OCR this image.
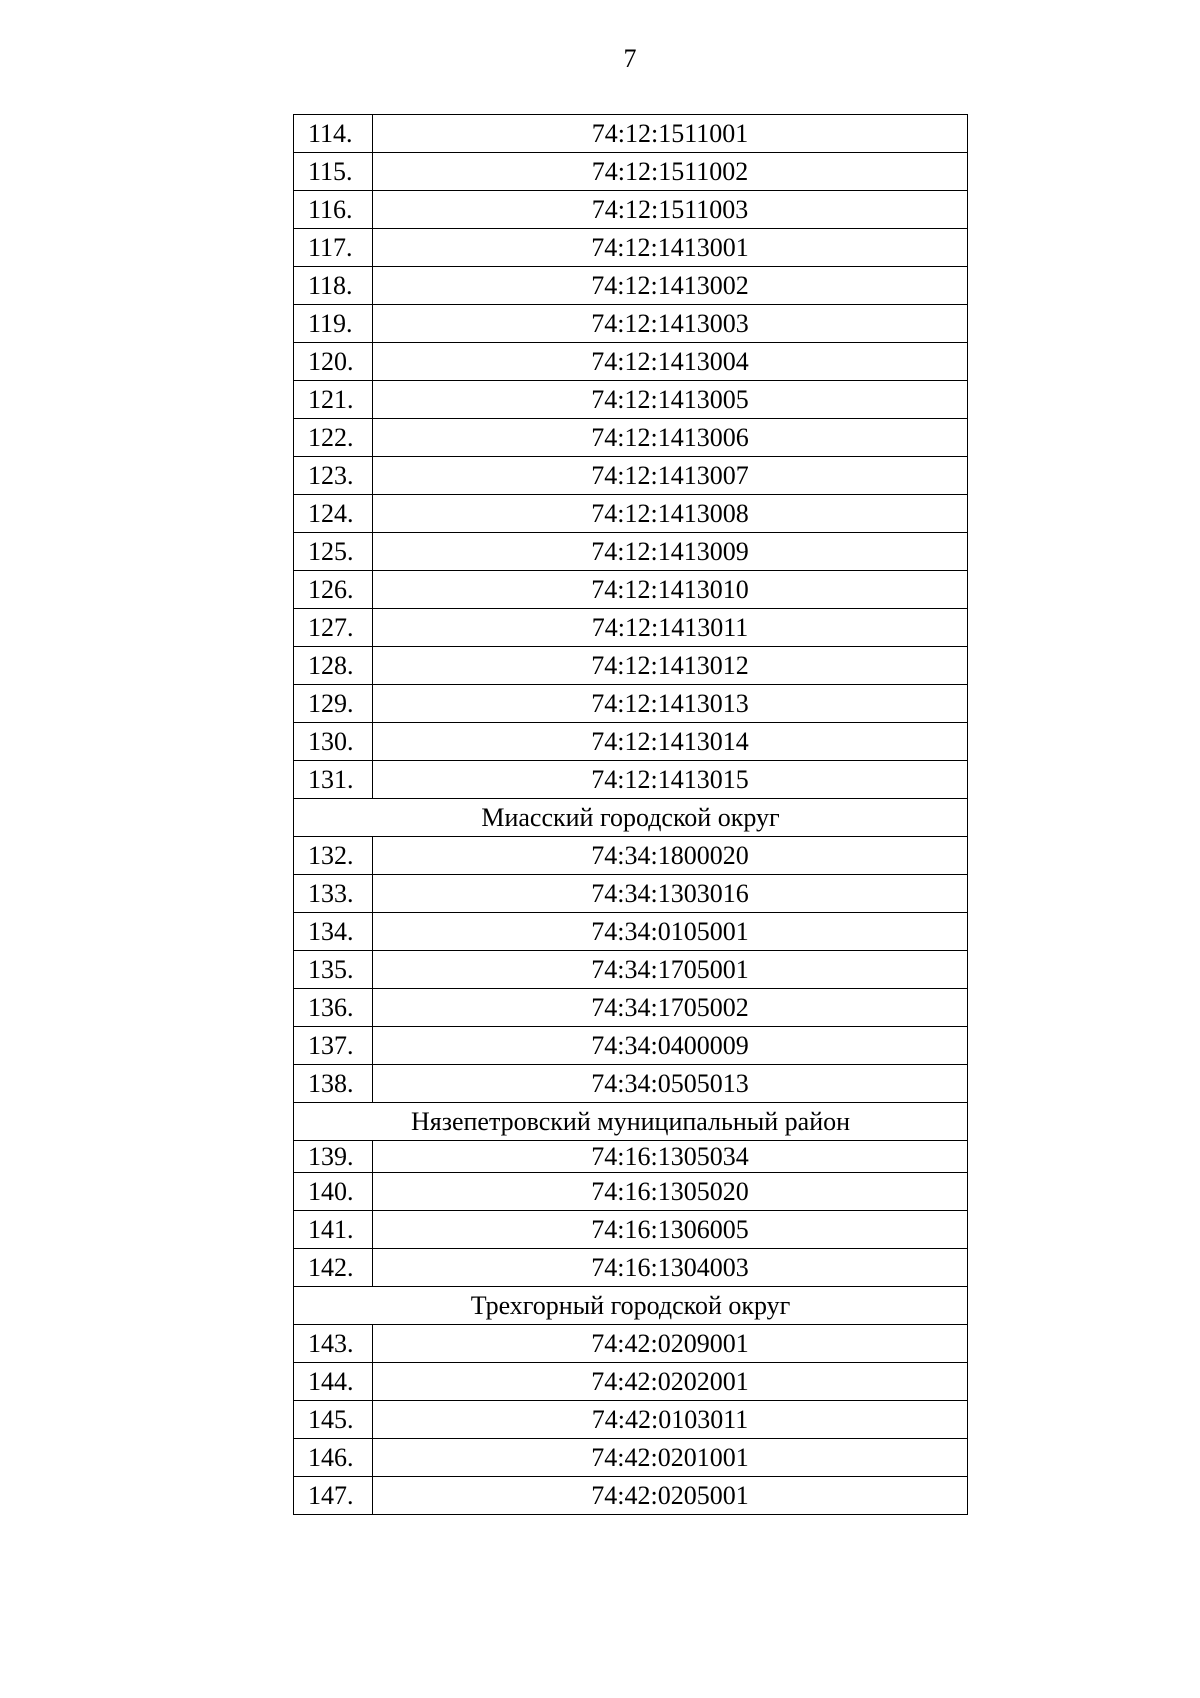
7
114.	74:12:1511001
115.	74:12:1511002
116.	74:12:1511003
117.	74:12:1413001
118.	74:12:1413002
119.	74:12:1413003
120.	74:12:1413004
121.	74:12:1413005
122.	74:12:1413006
123.	74:12:1413007
124.	74:12:1413008
125.	74:12:1413009
126.	74:12:1413010
127.	74:12:1413011
128.	74:12:1413012
129.	74:12:1413013
130.	74:12:1413014
131.	74:12:1413015
Миасский городской округ	
132.	74:34:1800020
133.	74:34:1303016
134.	74:34:0105001
135.	74:34:1705001
136.	74:34:1705002
137.	74:34:0400009
138.	74:34:0505013
Нязепетровский муниципальный район	
139.	74:16:1305034
140.	74:16:1305020
141.	74:16:1306005
142.	74:16:1304003
Трехгорный городской округ	
143.	74:42:0209001
144.	74:42:0202001
145.	74:42:0103011
146.	74:42:0201001
147.	74:42:0205001
